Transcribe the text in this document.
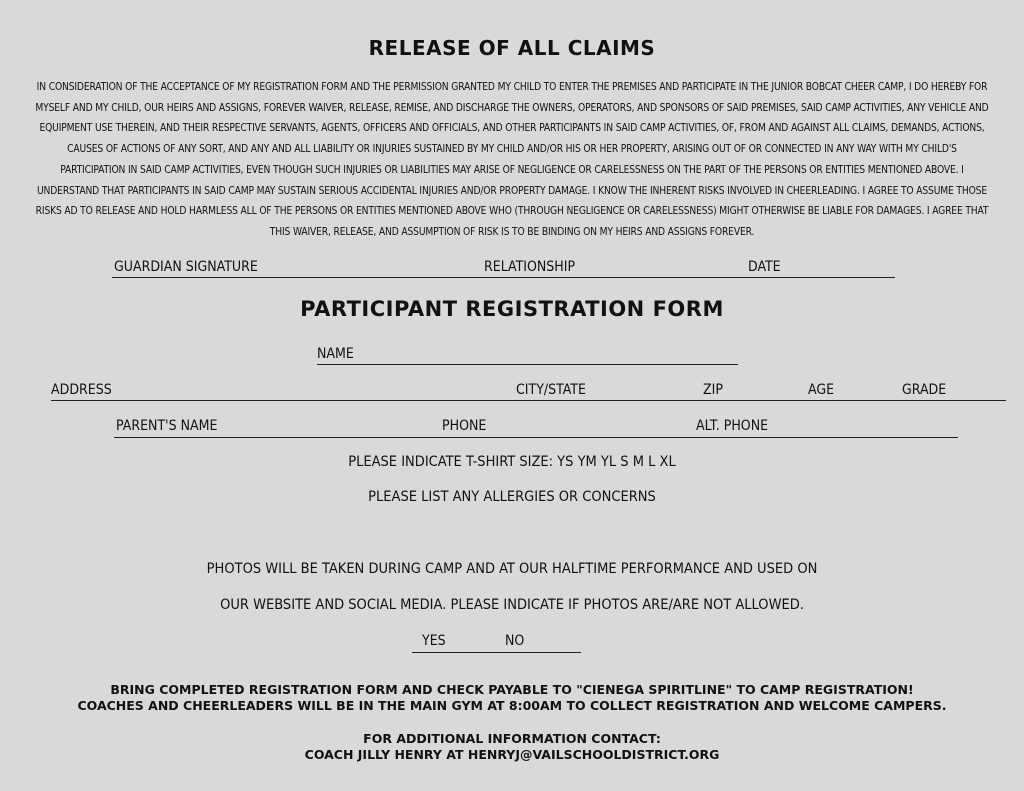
RELEASE OF ALL CLAIMS
IN CONSIDERATION OF THE ACCEPTANCE OF MY REGISTRATION FORM AND THE PERMISSION GRANTED MY CHILD TO ENTER THE PREMISES AND PARTICIPATE IN THE JUNIOR BOBCAT CHEER CAMP, I DO HEREBY FOR MYSELF AND MY CHILD, OUR HEIRS AND ASSIGNS, FOREVER WAIVER, RELEASE, REMISE, AND DISCHARGE THE OWNERS, OPERATORS, AND SPONSORS OF SAID PREMISES, SAID CAMP ACTIVITIES, ANY VEHICLE AND EQUIPMENT USE THEREIN, AND THEIR RESPECTIVE SERVANTS, AGENTS, OFFICERS AND OFFICIALS, AND OTHER PARTICIPANTS IN SAID CAMP ACTIVITIES, OF, FROM AND AGAINST ALL CLAIMS, DEMANDS, ACTIONS, CAUSES OF ACTIONS OF ANY SORT, AND ANY AND ALL LIABILITY OR INJURIES SUSTAINED BY MY CHILD AND/OR HIS OR HER PROPERTY, ARISING OUT OF OR CONNECTED IN ANY WAY WITH MY CHILD'S PARTICIPATION IN SAID CAMP ACTIVITIES, EVEN THOUGH SUCH INJURIES OR LIABILITIES MAY ARISE OF NEGLIGENCE OR CARELESSNESS ON THE PART OF THE PERSONS OR ENTITIES MENTIONED ABOVE. I UNDERSTAND THAT PARTICIPANTS IN SAID CAMP MAY SUSTAIN SERIOUS ACCIDENTAL INJURIES AND/OR PROPERTY DAMAGE. I KNOW THE INHERENT RISKS INVOLVED IN CHEERLEADING. I AGREE TO ASSUME THOSE RISKS AD TO RELEASE AND HOLD HARMLESS ALL OF THE PERSONS OR ENTITIES MENTIONED ABOVE WHO (THROUGH NEGLIGENCE OR CARELESSNESS) MIGHT OTHERWISE BE LIABLE FOR DAMAGES. I AGREE THAT THIS WAIVER, RELEASE, AND ASSUMPTION OF RISK IS TO BE BINDING ON MY HEIRS AND ASSIGNS FOREVER.
GUARDIAN SIGNATURE	RELATIONSHIP	DATE
PARTICIPANT REGISTRATION FORM
NAME
ADDRESS	CITY/STATE	ZIP	AGE	GRADE
PARENT'S NAME	PHONE	ALT. PHONE
PLEASE INDICATE T-SHIRT SIZE: YS YM YL S M L XL
PLEASE LIST ANY ALLERGIES OR CONCERNS
PHOTOS WILL BE TAKEN DURING CAMP AND AT OUR HALFTIME PERFORMANCE AND USED ON
OUR WEBSITE AND SOCIAL MEDIA. PLEASE INDICATE IF PHOTOS ARE/ARE NOT ALLOWED.
YES	NO
BRING COMPLETED REGISTRATION FORM AND CHECK PAYABLE TO "CIENEGA SPIRITLINE" TO CAMP REGISTRATION!
COACHES AND CHEERLEADERS WILL BE IN THE MAIN GYM AT 8:00AM TO COLLECT REGISTRATION AND WELCOME CAMPERS.
FOR ADDITIONAL INFORMATION CONTACT:
COACH JILLY HENRY AT HENRYJ@VAILSCHOOLDISTRICT.ORG
